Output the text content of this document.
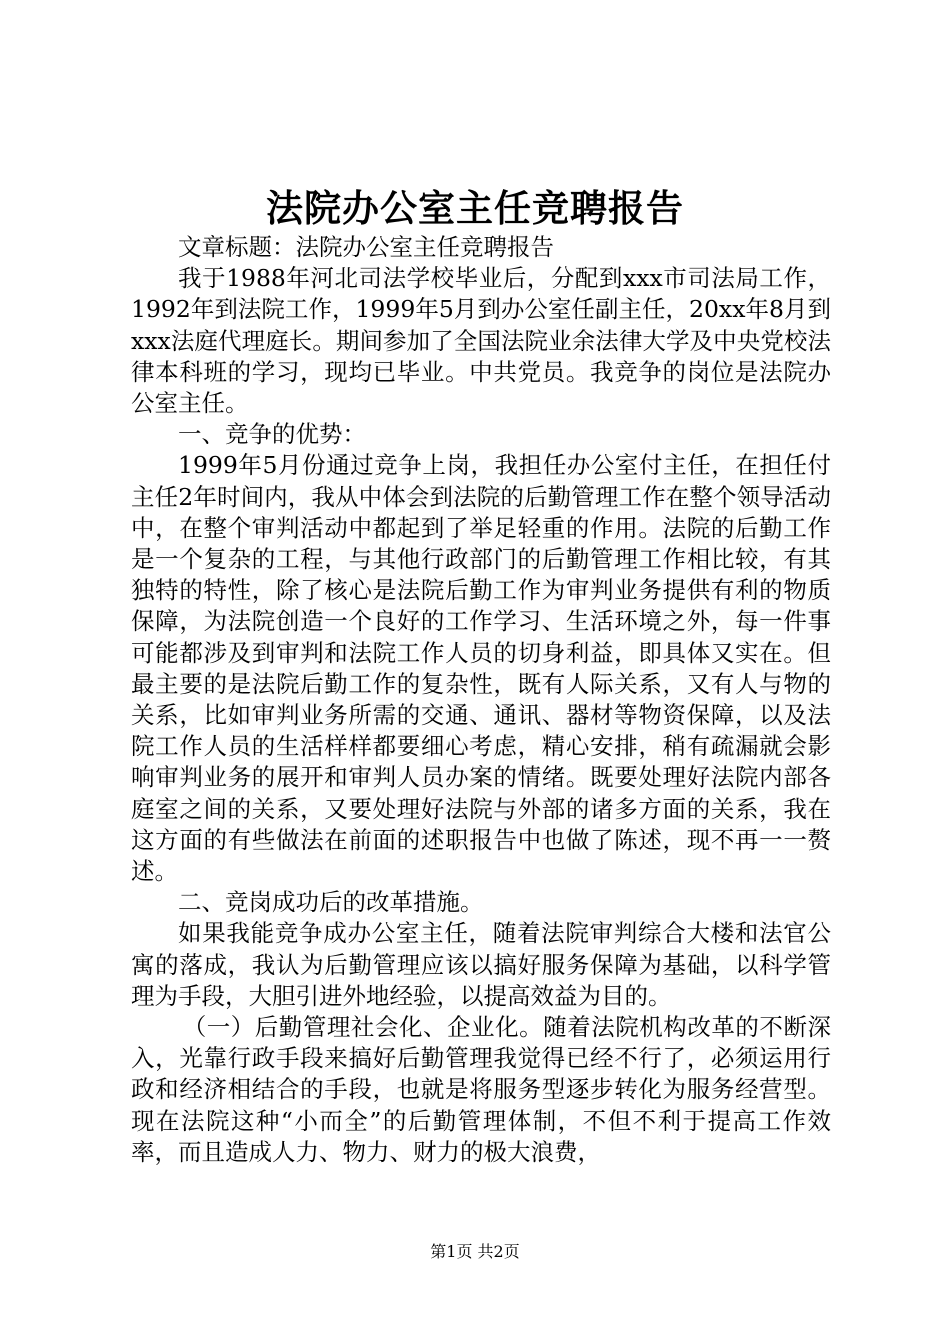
法院办公室主任竞聘报告

文章标题：法院办公室主任竞聘报告

我于1988年河北司法学校毕业后，分配到xxx市司法局工作，1992年到法院工作，1999年5月到办公室任副主任，20xx年8月到xxx法庭代理庭长。期间参加了全国法院业余法律大学及中央党校法律本科班的学习，现均已毕业。中共党员。我竞争的岗位是法院办公室主任。

一、竞争的优势：

1999年5月份通过竞争上岗，我担任办公室付主任，在担任付主任2年时间内，我从中体会到法院的后勤管理工作在整个领导活动中，在整个审判活动中都起到了举足轻重的作用。法院的后勤工作是一个复杂的工程，与其他行政部门的后勤管理工作相比较，有其独特的特性，除了核心是法院后勤工作为审判业务提供有利的物质保障，为法院创造一个良好的工作学习、生活环境之外，每一件事可能都涉及到审判和法院工作人员的切身利益，即具体又实在。但最主要的是法院后勤工作的复杂性，既有人际关系，又有人与物的关系，比如审判业务所需的交通、通讯、器材等物资保障，以及法院工作人员的生活样样都要细心考虑，精心安排，稍有疏漏就会影响审判业务的展开和审判人员办案的情绪。既要处理好法院内部各庭室之间的关系，又要处理好法院与外部的诸多方面的关系，我在这方面的有些做法在前面的述职报告中也做了陈述，现不再一一赘述。

二、竞岗成功后的改革措施。

如果我能竞争成办公室主任，随着法院审判综合大楼和法官公寓的落成，我认为后勤管理应该以搞好服务保障为基础，以科学管理为手段，大胆引进外地经验，以提高效益为目的。

（一）后勤管理社会化、企业化。随着法院机构改革的不断深入，光靠行政手段来搞好后勤管理我觉得已经不行了，必须运用行政和经济相结合的手段，也就是将服务型逐步转化为服务经营型。现在法院这种“小而全”的后勤管理体制，不但不利于提高工作效率，而且造成人力、物力、财力的极大浪费，

第1页 共2页
